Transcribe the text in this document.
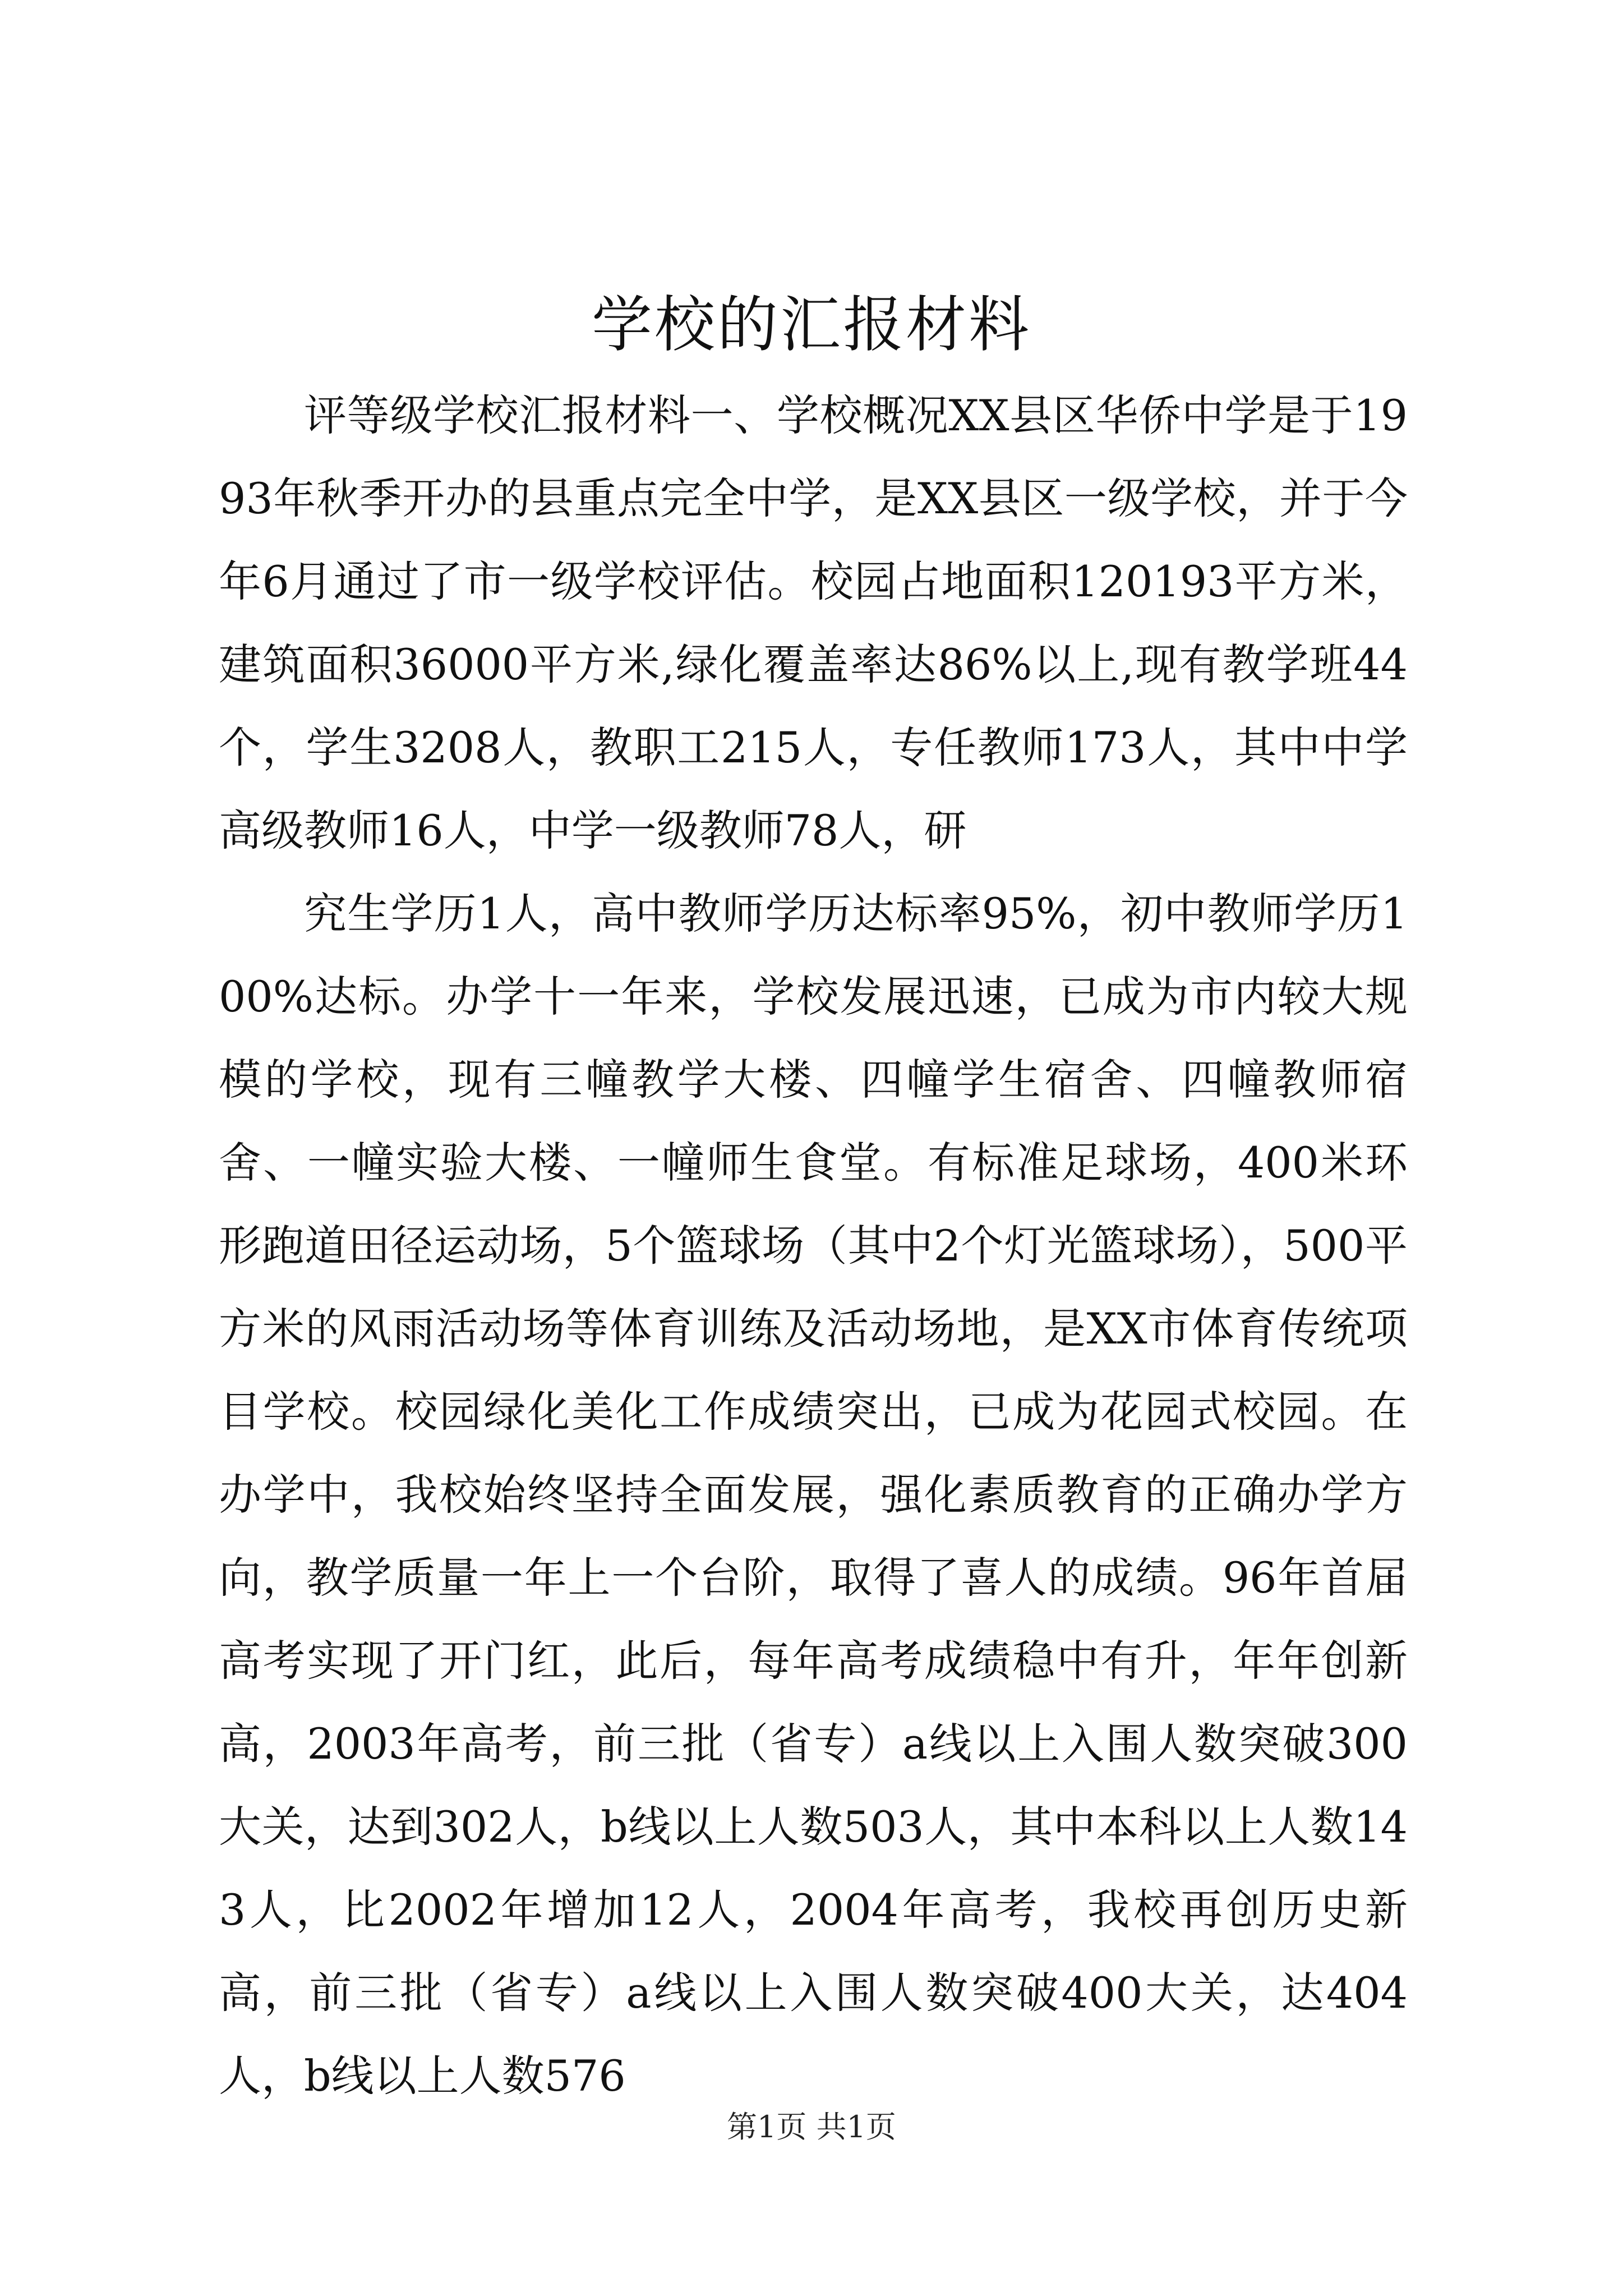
学校的汇报材料

评等级学校汇报材料一、学校概况XX县区华侨中学是于1993年秋季开办的县重点完全中学，是XX县区一级学校，并于今年6月通过了市一级学校评估。校园占地面积120193平方米，建筑面积36000平方米,绿化覆盖率达86%以上,现有教学班44个，学生3208人，教职工215人，专任教师173人，其中中学高级教师16人，中学一级教师78人，研

究生学历1人，高中教师学历达标率95%，初中教师学历100%达标。办学十一年来，学校发展迅速，已成为市内较大规模的学校，现有三幢教学大楼、四幢学生宿舍、四幢教师宿舍、一幢实验大楼、一幢师生食堂。有标准足球场，400米环形跑道田径运动场，5个篮球场（其中2个灯光篮球场），500平方米的风雨活动场等体育训练及活动场地，是XX市体育传统项目学校。校园绿化美化工作成绩突出，已成为花园式校园。在办学中，我校始终坚持全面发展，强化素质教育的正确办学方向，教学质量一年上一个台阶，取得了喜人的成绩。96年首届高考实现了开门红，此后，每年高考成绩稳中有升，年年创新高，2003年高考，前三批（省专）a线以上入围人数突破300大关，达到302人，b线以上人数503人，其中本科以上人数143人，比2002年增加12人，2004年高考，我校再创历史新高，前三批（省专）a线以上入围人数突破400大关，达404人，b线以上人数576

第1页 共1页
